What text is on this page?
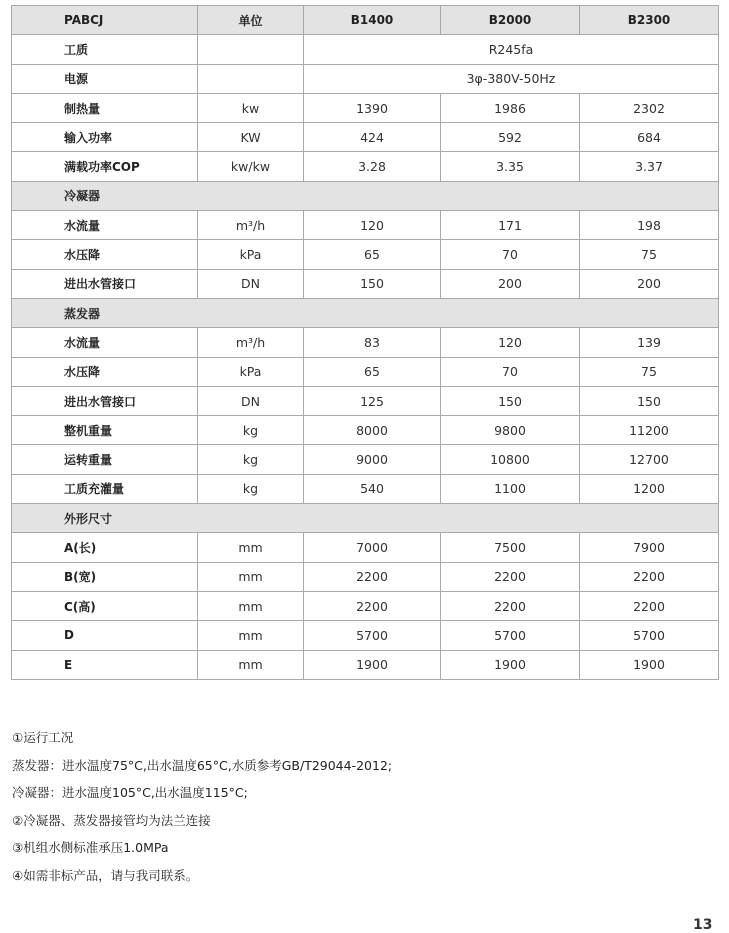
PABCJ	单位	B1400	B2000	B2300
工质		R245fa		
电源		3φ-380V-50Hz		
制热量	kw	1390	1986	2302
输入功率	KW	424	592	684
满载功率COP	kw/kw	3.28	3.35	3.37
冷凝器				
水流量	m³/h	120	171	198
水压降	kPa	65	70	75
进出水管接口	DN	150	200	200
蒸发器				
水流量	m³/h	83	120	139
水压降	kPa	65	70	75
进出水管接口	DN	125	150	150
整机重量	kg	8000	9800	11200
运转重量	kg	9000	10800	12700
工质充灌量	kg	540	1100	1200
外形尺寸				
A(长)	mm	7000	7500	7900
B(宽)	mm	2200	2200	2200
C(高)	mm	2200	2200	2200
D	mm	5700	5700	5700
E	mm	1900	1900	1900
①运行工况
蒸发器：进水温度75°C,出水温度65°C,水质参考GB/T29044-2012;
冷凝器：进水温度105°C,出水温度115°C;
②冷凝器、蒸发器接管均为法兰连接
③机组水侧标准承压1.0MPa
④如需非标产品，请与我司联系。
13
